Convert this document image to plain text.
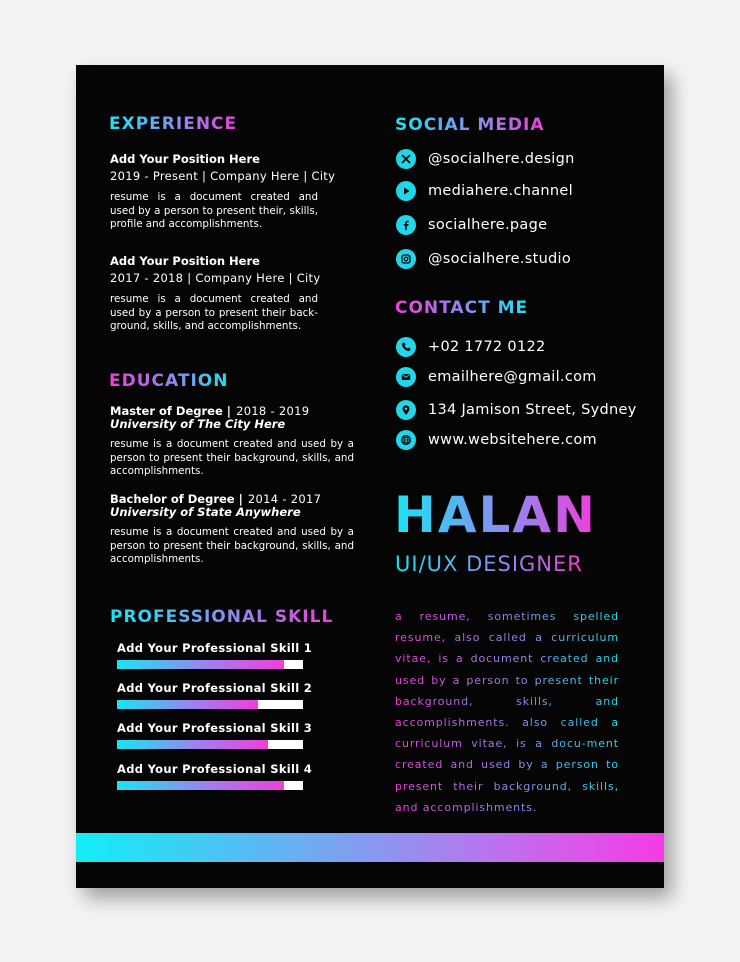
EXPERIENCE
Add Your Position Here
2019 - Present | Company Here | City
resume is a document created and used by a person to present their, skills, profile and accomplishments.
Add Your Position Here
2017 - 2018 | Company Here | City
resume is a document created and used by a person to present their back-ground, skills, and accomplishments.
EDUCATION
Master of Degree | 2018 - 2019
University of The City Here
resume is a document created and used by a person to present their background, skills, and accomplishments.
Bachelor of Degree | 2014 - 2017
University of State Anywhere
resume is a document created and used by a person to present their background, skills, and accomplishments.
PROFESSIONAL SKILL
Add Your Professional Skill 1
Add Your Professional Skill 2
Add Your Professional Skill 3
Add Your Professional Skill 4
SOCIAL MEDIA
@socialhere.design
mediahere.channel
socialhere.page
@socialhere.studio
CONTACT ME
+02 1772 0122
emailhere@gmail.com
134 Jamison Street, Sydney
www.websitehere.com
HALAN
UI/UX DESIGNER
a resume, sometimes spelled resume, also called a curriculum vitae, is a document created and used by a person to present their background, skills, and accomplishments. also called a curriculum vitae, is a docu-ment created and used by a person to present their background, skills, and accomplishments.
